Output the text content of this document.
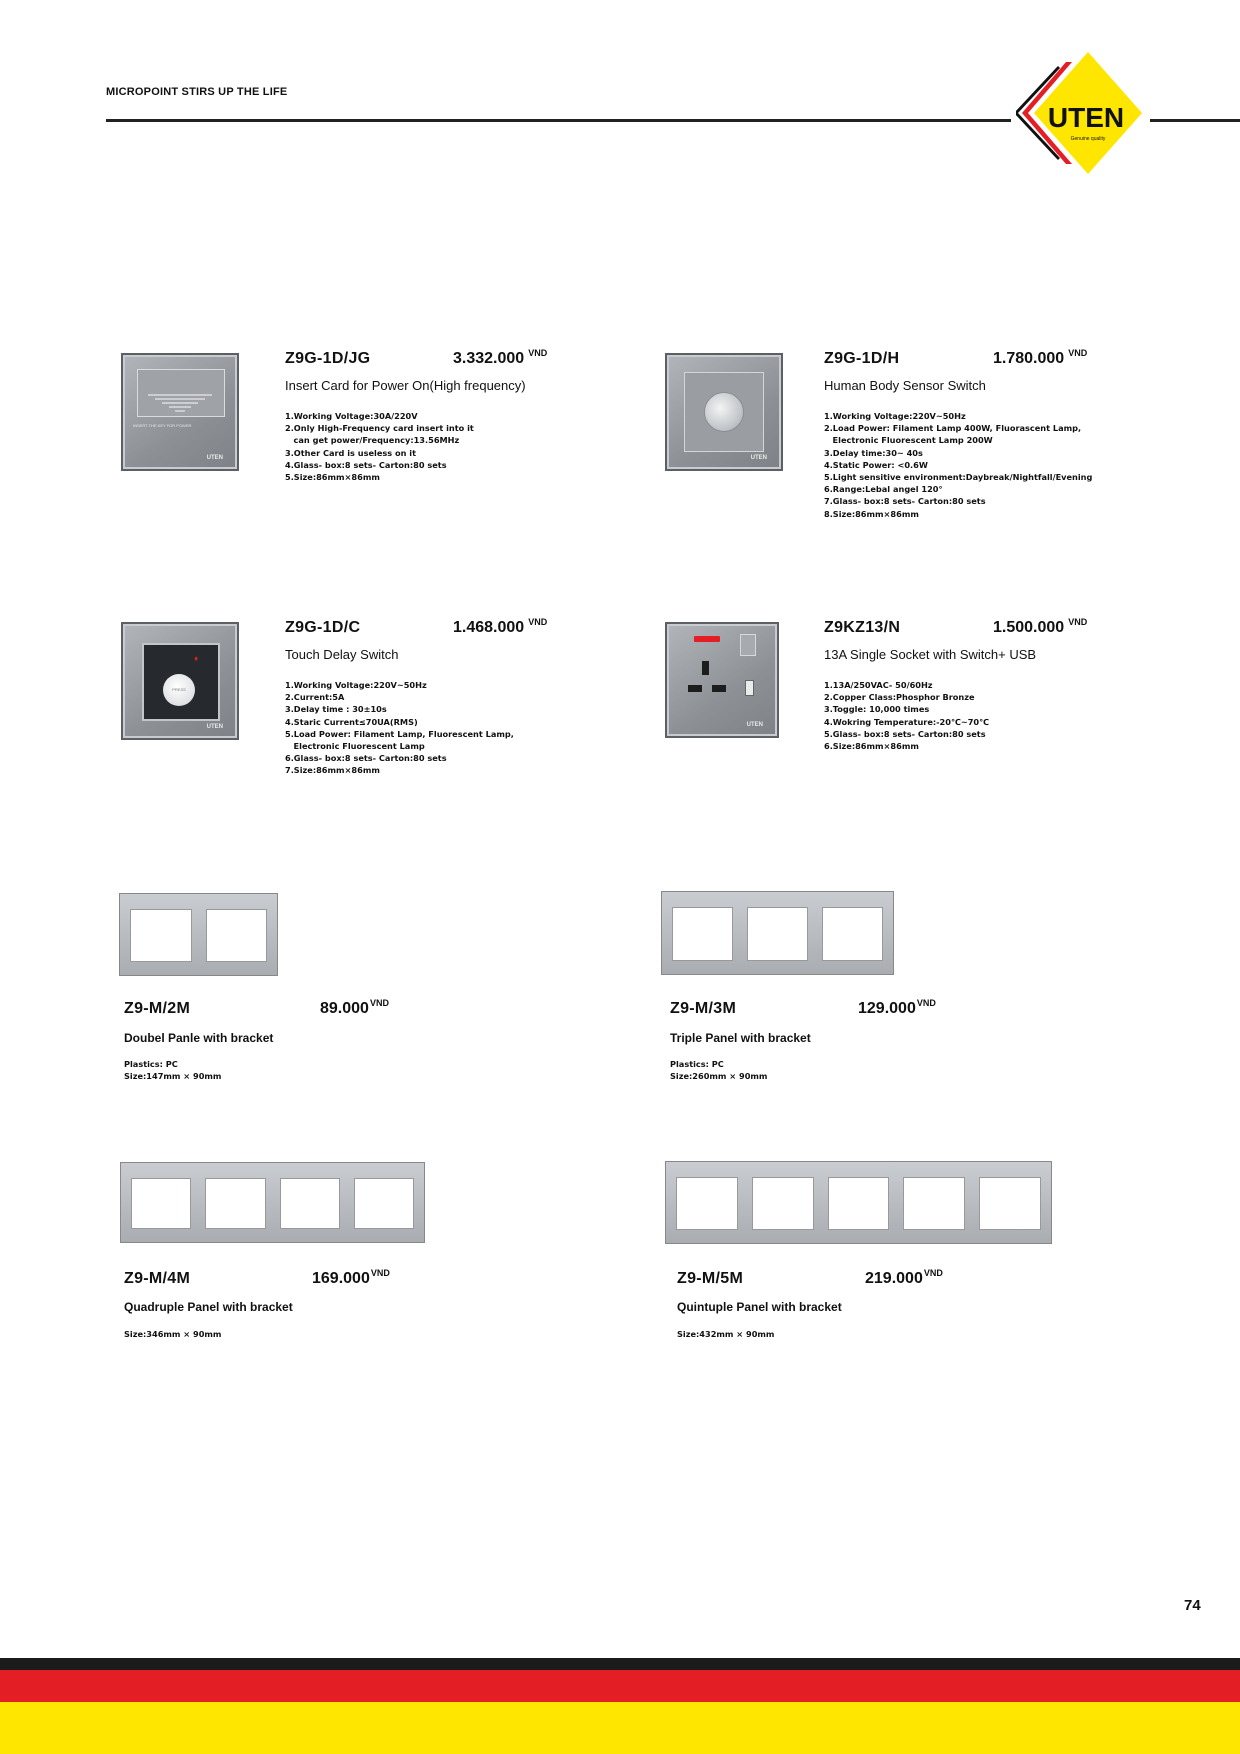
MICROPOINT STIRS UP THE LIFE
UTEN
Genuine quality
INSERT THE KEY FOR POWER
UTEN
Z9G-1D/JG	3.332.000 $^{VND}$
Insert Card for Power On(High frequency)
1.Working Voltage:30A/220V
2.Only High-Frequency card insert into it
can get power/Frequency:13.56MHz
3.Other Card is useless on it
4.Glass- box:8 sets- Carton:80 sets
5.Size:86mm×86mm
UTEN
Z9G-1D/H	1.780.000 $^{VND}$
Human Body Sensor Switch
1.Working Voltage:220V~50Hz
2.Load Power: Filament Lamp 400W, Fluorascent Lamp,
Electronic Fluorescent Lamp 200W
3.Delay time:30~ 40s
4.Static Power: <0.6W
5.Light sensitive environment:Daybreak/Nightfall/Evening
6.Range:Lebal angel 120°
7.Glass- box:8 sets- Carton:80 sets
8.Size:86mm×86mm
♦
PRESS
UTEN
Z9G-1D/C	1.468.000 $^{VND}$
Touch Delay Switch
1.Working Voltage:220V~50Hz
2.Current:5A
3.Delay time : 30±10s
4.Staric Current≤70UA(RMS)
5.Load Power: Filament Lamp, Fluorescent Lamp,
Electronic Fluorescent Lamp
6.Glass- box:8 sets- Carton:80 sets
7.Size:86mm×86mm
UTEN
Z9KZ13/N	1.500.000 $^{VND}$
13A Single Socket with Switch+ USB
1.13A/250VAC- 50/60Hz
2.Copper Class:Phosphor Bronze
3.Toggle: 10,000 times
4.Wokring Temperature:-20℃~70℃
5.Glass- box:8 sets- Carton:80 sets
6.Size:86mm×86mm
Z9-M/2M	$89.000^{VND}$
Doubel Panle with bracket
Plastics: PC
Size:147mm × 90mm
Z9-M/3M	$129.000^{VND}$
Triple Panel with bracket
Plastics: PC
Size:260mm × 90mm
Z9-M/4M	$169.000^{VND}$
Quadruple Panel with bracket
Size:346mm × 90mm
Z9-M/5M	$219.000^{VND}$
Quintuple Panel with bracket
Size:432mm × 90mm
74
